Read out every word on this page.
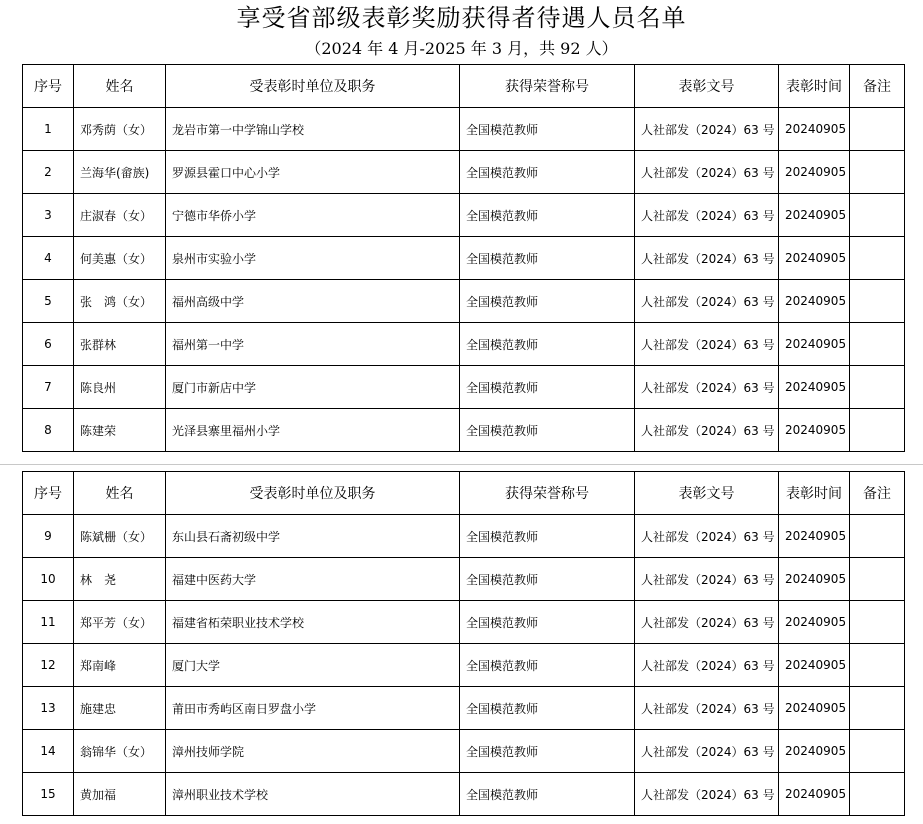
享受省部级表彰奖励获得者待遇人员名单
（2024 年 4 月-2025 年 3 月，共 92 人）
序号	姓名	受表彰时单位及职务	获得荣誉称号	表彰文号	表彰时间	备注
1	邓秀荫（女）	龙岩市第一中学锦山学校	全国模范教师	人社部发（2024）63 号	20240905	
2	兰海华(畲族)	罗源县霍口中心小学	全国模范教师	人社部发（2024）63 号	20240905	
3	庄淑春（女）	宁德市华侨小学	全国模范教师	人社部发（2024）63 号	20240905	
4	何美惠（女）	泉州市实验小学	全国模范教师	人社部发（2024）63 号	20240905	
5	张　鸿（女）	福州高级中学	全国模范教师	人社部发（2024）63 号	20240905	
6	张群林	福州第一中学	全国模范教师	人社部发（2024）63 号	20240905	
7	陈良州	厦门市新店中学	全国模范教师	人社部发（2024）63 号	20240905	
8	陈建荣	光泽县寨里福州小学	全国模范教师	人社部发（2024）63 号	20240905	
序号	姓名	受表彰时单位及职务	获得荣誉称号	表彰文号	表彰时间	备注
9	陈斌栅（女）	东山县石斋初级中学	全国模范教师	人社部发（2024）63 号	20240905	
10	林　尧	福建中医药大学	全国模范教师	人社部发（2024）63 号	20240905	
11	郑平芳（女）	福建省柘荣职业技术学校	全国模范教师	人社部发（2024）63 号	20240905	
12	郑南峰	厦门大学	全国模范教师	人社部发（2024）63 号	20240905	
13	施建忠	莆田市秀屿区南日罗盘小学	全国模范教师	人社部发（2024）63 号	20240905	
14	翁锦华（女）	漳州技师学院	全国模范教师	人社部发（2024）63 号	20240905	
15	黄加福	漳州职业技术学校	全国模范教师	人社部发（2024）63 号	20240905	
